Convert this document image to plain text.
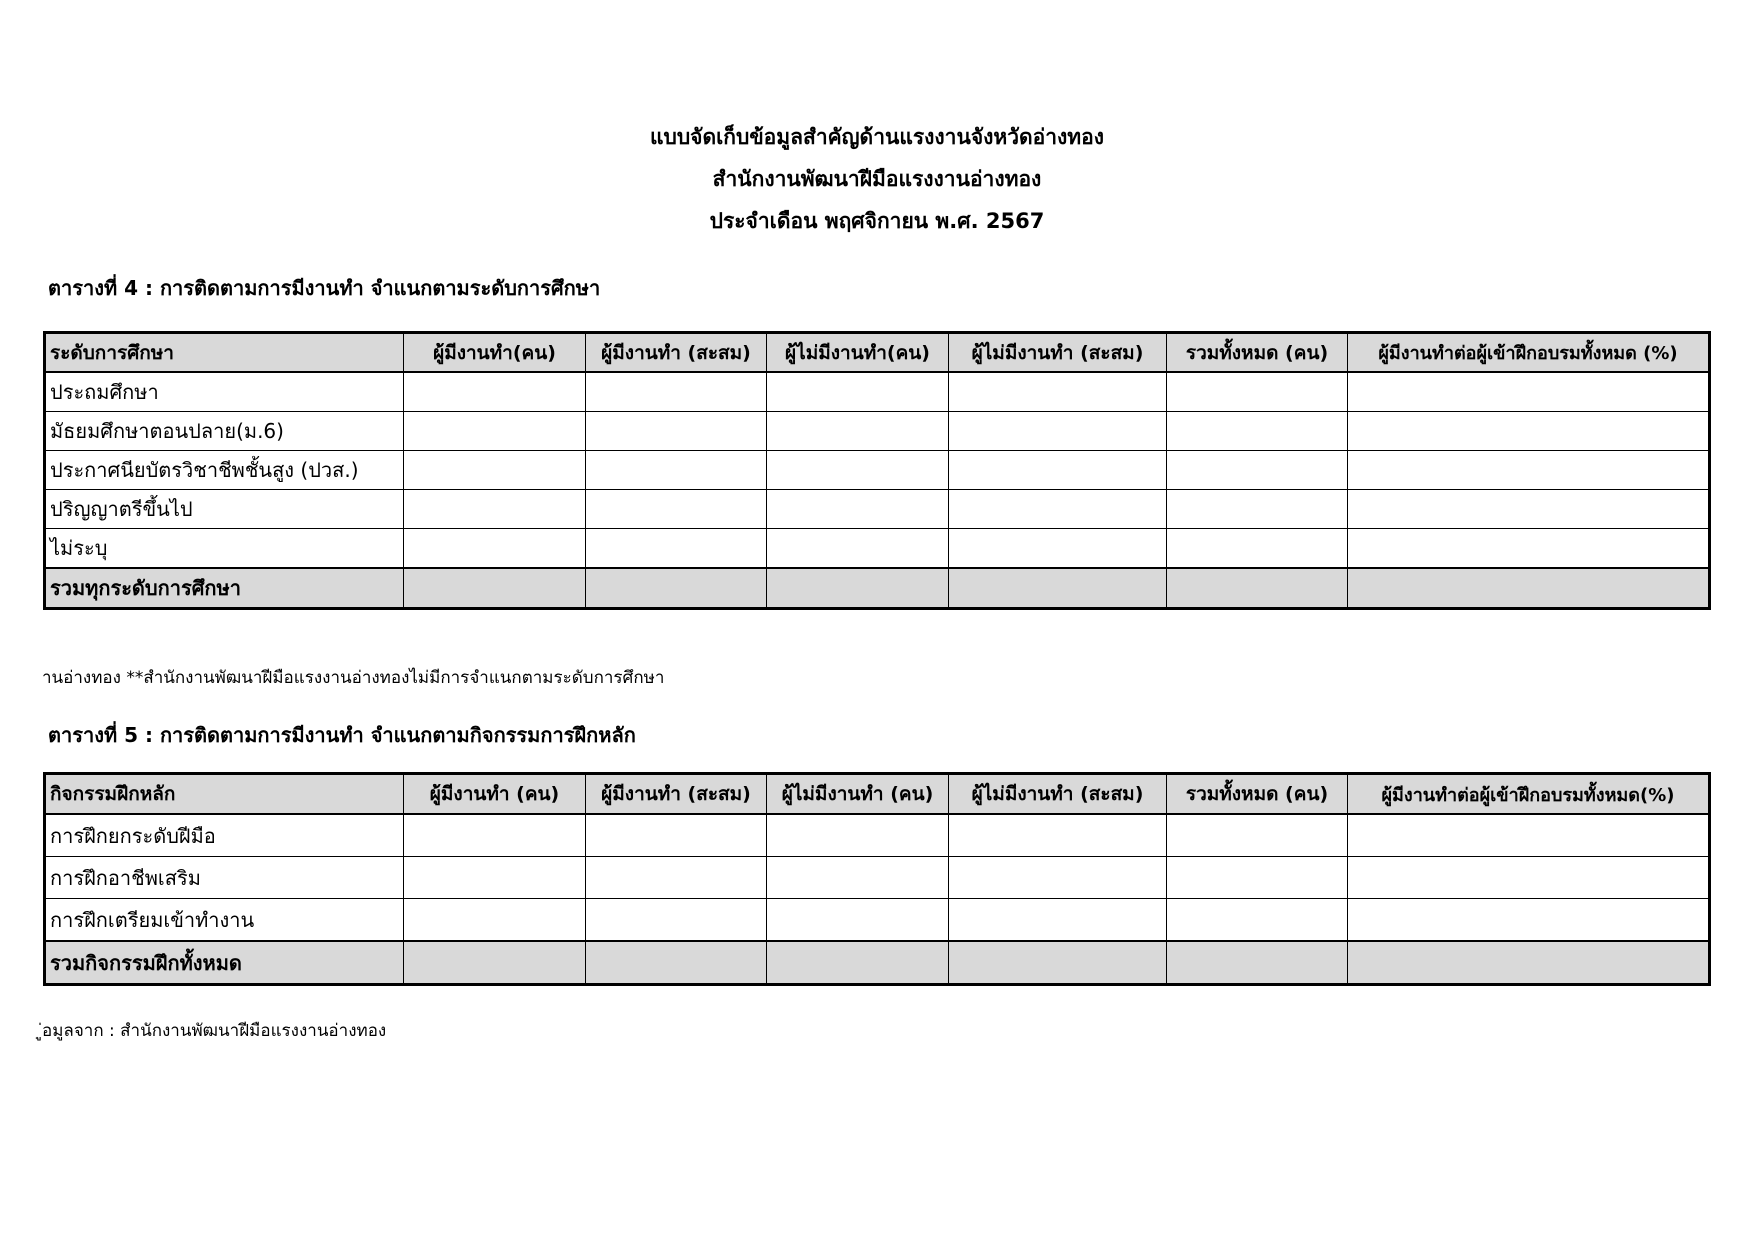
แบบจัดเก็บข้อมูลสำคัญด้านแรงงานจังหวัดอ่างทอง
สำนักงานพัฒนาฝีมือแรงงานอ่างทอง
ประจำเดือน พฤศจิกายน พ.ศ. 2567
ตารางที่ 4 : การติดตามการมีงานทำ จำแนกตามระดับการศึกษา
ระดับการศึกษา	ผู้มีงานทำ(คน)	ผู้มีงานทำ (สะสม)	ผู้ไม่มีงานทำ(คน)	ผู้ไม่มีงานทำ (สะสม)	รวมทั้งหมด (คน)	ผู้มีงานทำต่อผู้เข้าฝึกอบรมทั้งหมด (%)
ประถมศึกษา						
มัธยมศึกษาตอนปลาย(ม.6)						
ประกาศนียบัตรวิชาชีพชั้นสูง (ปวส.)						
ปริญญาตรีขึ้นไป						
ไม่ระบุ						
รวมทุกระดับการศึกษา						
านอ่างทอง **สำนักงานพัฒนาฝีมือแรงงานอ่างทองไม่มีการจำแนกตามระดับการศึกษา
ตารางที่ 5 : การติดตามการมีงานทำ จำแนกตามกิจกรรมการฝึกหลัก
กิจกรรมฝึกหลัก	ผู้มีงานทำ (คน)	ผู้มีงานทำ (สะสม)	ผู้ไม่มีงานทำ (คน)	ผู้ไม่มีงานทำ (สะสม)	รวมทั้งหมด (คน)	ผู้มีงานทำต่อผู้เข้าฝึกอบรมทั้งหมด(%)
การฝึกยกระดับฝีมือ						
การฝึกอาชีพเสริม						
การฝึกเตรียมเข้าทำงาน						
รวมกิจกรรมฝึกทั้งหมด						
ู่อมูลจาก : สำนักงานพัฒนาฝีมือแรงงานอ่างทอง
